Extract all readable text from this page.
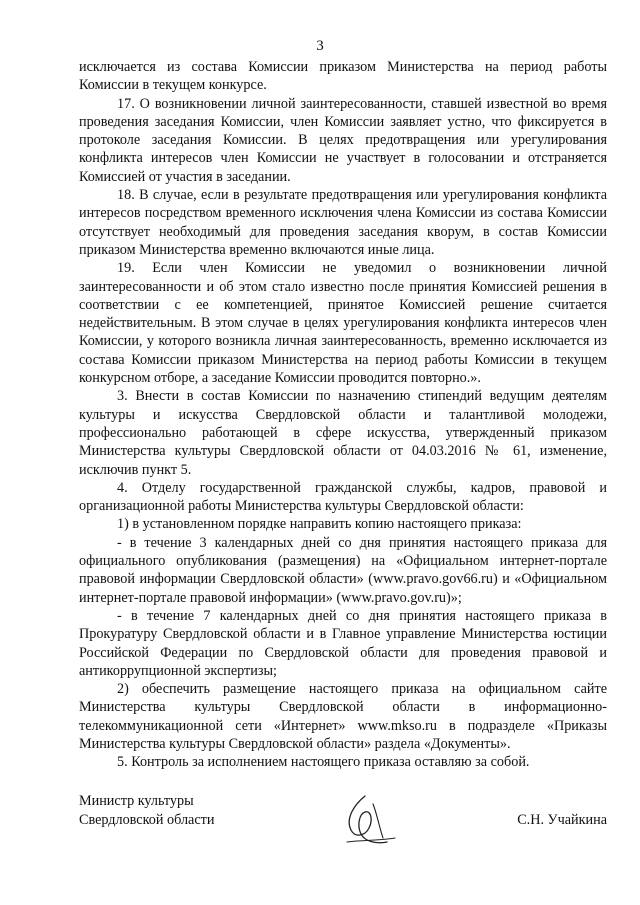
3

исключается из состава Комиссии приказом Министерства на период работы Комиссии в текущем конкурсе.

17. О возникновении личной заинтересованности, ставшей известной во время проведения заседания Комиссии, член Комиссии заявляет устно, что фиксируется в протоколе заседания Комиссии. В целях предотвращения или урегулирования конфликта интересов член Комиссии не участвует в голосовании и отстраняется Комиссией от участия в заседании.

18. В случае, если в результате предотвращения или урегулирования конфликта интересов посредством временного исключения члена Комиссии из состава Комиссии отсутствует необходимый для проведения заседания кворум, в состав Комиссии приказом Министерства временно включаются иные лица.

19. Если член Комиссии не уведомил о возникновении личной заинтересованности и об этом стало известно после принятия Комиссией решения в соответствии с ее компетенцией, принятое Комиссией решение считается недействительным. В этом случае в целях урегулирования конфликта интересов член Комиссии, у которого возникла личная заинтересованность, временно исключается из состава Комиссии приказом Министерства на период работы Комиссии в текущем конкурсном отборе, а заседание Комиссии проводится повторно.».

3. Внести в состав Комиссии по назначению стипендий ведущим деятелям культуры и искусства Свердловской области и талантливой молодежи, профессионально работающей в сфере искусства, утвержденный приказом Министерства культуры Свердловской области от 04.03.2016 № 61, изменение, исключив пункт 5.

4. Отделу государственной гражданской службы, кадров, правовой и организационной работы Министерства культуры Свердловской области:

1) в установленном порядке направить копию настоящего приказа:

- в течение 3 календарных дней со дня принятия настоящего приказа для официального опубликования (размещения) на «Официальном интернет-портале правовой информации Свердловской области» (www.pravo.gov66.ru) и «Официальном интернет-портале правовой информации» (www.pravo.gov.ru)»;

- в течение 7 календарных дней со дня принятия настоящего приказа в Прокуратуру Свердловской области и в Главное управление Министерства юстиции Российской Федерации по Свердловской области для проведения правовой и антикоррупционной экспертизы;

2) обеспечить размещение настоящего приказа на официальном сайте Министерства культуры Свердловской области в информационно-телекоммуникационной сети «Интернет» www.mkso.ru в подразделе «Приказы Министерства культуры Свердловской области» раздела «Документы».

5. Контроль за исполнением настоящего приказа оставляю за собой.

Министр культуры
Свердловской области	С.Н. Учайкина
